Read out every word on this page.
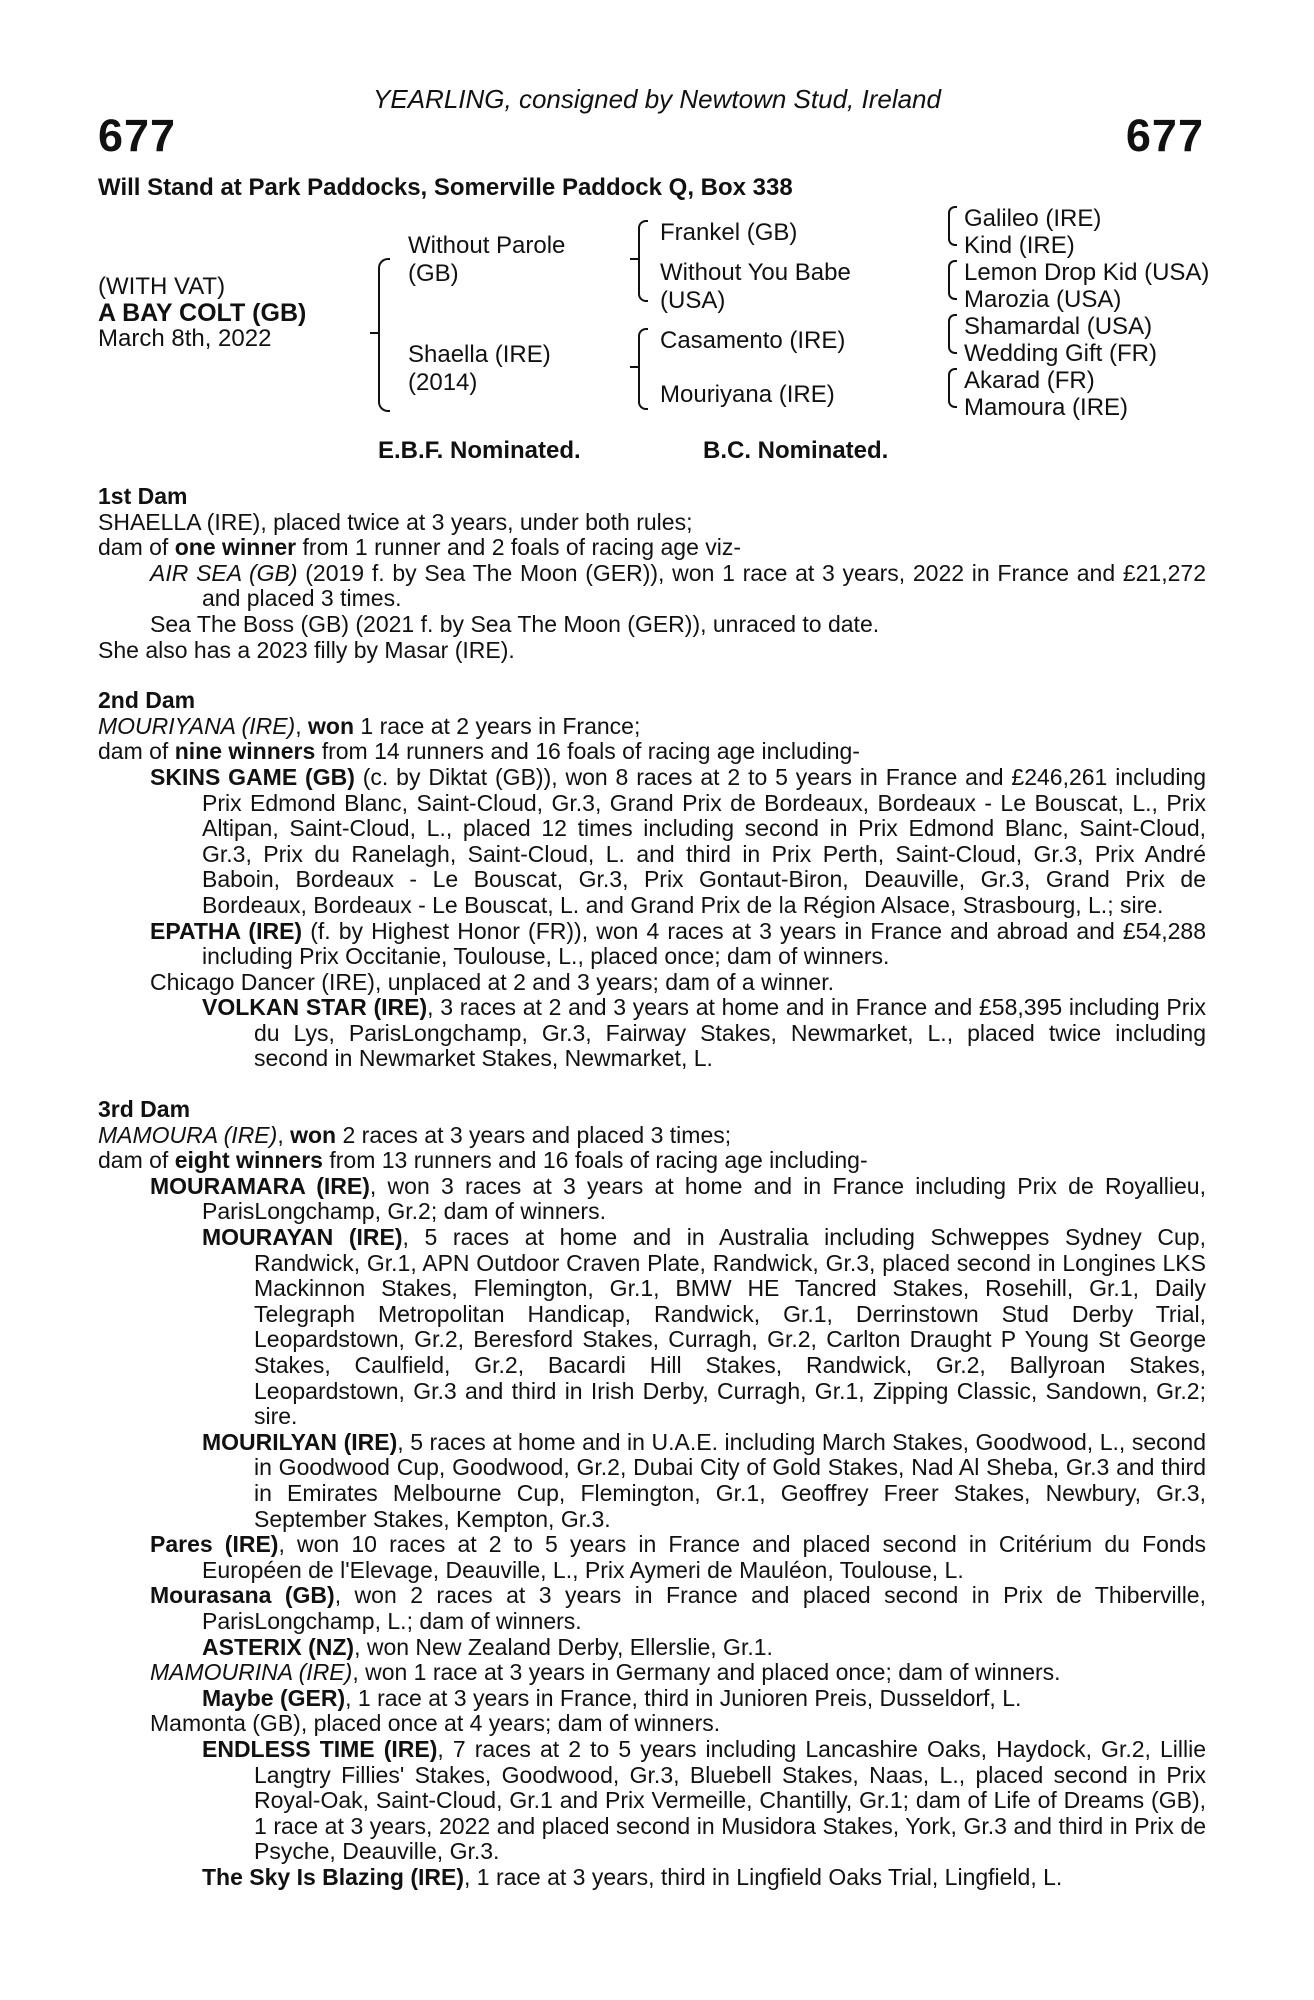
YEARLING, consigned by Newtown Stud, Ireland
677	677
Will Stand at Park Paddocks, Somerville Paddock Q, Box 338
(WITH VAT)
A BAY COLT (GB)
March 8th, 2022
Without Parole
(GB)
Shaella (IRE)
(2014)
Frankel (GB)
Without You Babe
(USA)
Casamento (IRE)
Mouriyana (IRE)
Galileo (IRE)
Kind (IRE)
Lemon Drop Kid (USA)
Marozia (USA)
Shamardal (USA)
Wedding Gift (FR)
Akarad (FR)
Mamoura (IRE)
E.B.F. Nominated.	B.C. Nominated.
1st Dam
SHAELLA (IRE), placed twice at 3 years, under both rules;
dam of one winner from 1 runner and 2 foals of racing age viz-
AIR SEA (GB) (2019 f. by Sea The Moon (GER)), won 1 race at 3 years, 2022 in France and £21,272 and placed 3 times.
Sea The Boss (GB) (2021 f. by Sea The Moon (GER)), unraced to date.
She also has a 2023 filly by Masar (IRE).
2nd Dam
MOURIYANA (IRE), won 1 race at 2 years in France;
dam of nine winners from 14 runners and 16 foals of racing age including-
SKINS GAME (GB) (c. by Diktat (GB)), won 8 races at 2 to 5 years in France and £246,261 including Prix Edmond Blanc, Saint-Cloud, Gr.3, Grand Prix de Bordeaux, Bordeaux - Le Bouscat, L., Prix Altipan, Saint-Cloud, L., placed 12 times including second in Prix Edmond Blanc, Saint-Cloud, Gr.3, Prix du Ranelagh, Saint-Cloud, L. and third in Prix Perth, Saint-Cloud, Gr.3, Prix André Baboin, Bordeaux - Le Bouscat, Gr.3, Prix Gontaut-Biron, Deauville, Gr.3, Grand Prix de Bordeaux, Bordeaux - Le Bouscat, L. and Grand Prix de la Région Alsace, Strasbourg, L.; sire.
EPATHA (IRE) (f. by Highest Honor (FR)), won 4 races at 3 years in France and abroad and £54,288 including Prix Occitanie, Toulouse, L., placed once; dam of winners.
Chicago Dancer (IRE), unplaced at 2 and 3 years; dam of a winner.
VOLKAN STAR (IRE), 3 races at 2 and 3 years at home and in France and £58,395 including Prix du Lys, ParisLongchamp, Gr.3, Fairway Stakes, Newmarket, L., placed twice including second in Newmarket Stakes, Newmarket, L.
3rd Dam
MAMOURA (IRE), won 2 races at 3 years and placed 3 times;
dam of eight winners from 13 runners and 16 foals of racing age including-
MOURAMARA (IRE), won 3 races at 3 years at home and in France including Prix de Royallieu, ParisLongchamp, Gr.2; dam of winners.
MOURAYAN (IRE), 5 races at home and in Australia including Schweppes Sydney Cup, Randwick, Gr.1, APN Outdoor Craven Plate, Randwick, Gr.3, placed second in Longines LKS Mackinnon Stakes, Flemington, Gr.1, BMW HE Tancred Stakes, Rosehill, Gr.1, Daily Telegraph Metropolitan Handicap, Randwick, Gr.1, Derrinstown Stud Derby Trial, Leopardstown, Gr.2, Beresford Stakes, Curragh, Gr.2, Carlton Draught P Young St George Stakes, Caulfield, Gr.2, Bacardi Hill Stakes, Randwick, Gr.2, Ballyroan Stakes, Leopardstown, Gr.3 and third in Irish Derby, Curragh, Gr.1, Zipping Classic, Sandown, Gr.2; sire.
MOURILYAN (IRE), 5 races at home and in U.A.E. including March Stakes, Goodwood, L., second in Goodwood Cup, Goodwood, Gr.2, Dubai City of Gold Stakes, Nad Al Sheba, Gr.3 and third in Emirates Melbourne Cup, Flemington, Gr.1, Geoffrey Freer Stakes, Newbury, Gr.3, September Stakes, Kempton, Gr.3.
Pares (IRE), won 10 races at 2 to 5 years in France and placed second in Critérium du Fonds Européen de l'Elevage, Deauville, L., Prix Aymeri de Mauléon, Toulouse, L.
Mourasana (GB), won 2 races at 3 years in France and placed second in Prix de Thiberville, ParisLongchamp, L.; dam of winners.
ASTERIX (NZ), won New Zealand Derby, Ellerslie, Gr.1.
MAMOURINA (IRE), won 1 race at 3 years in Germany and placed once; dam of winners.
Maybe (GER), 1 race at 3 years in France, third in Junioren Preis, Dusseldorf, L.
Mamonta (GB), placed once at 4 years; dam of winners.
ENDLESS TIME (IRE), 7 races at 2 to 5 years including Lancashire Oaks, Haydock, Gr.2, Lillie Langtry Fillies' Stakes, Goodwood, Gr.3, Bluebell Stakes, Naas, L., placed second in Prix Royal-Oak, Saint-Cloud, Gr.1 and Prix Vermeille, Chantilly, Gr.1; dam of Life of Dreams (GB), 1 race at 3 years, 2022 and placed second in Musidora Stakes, York, Gr.3 and third in Prix de Psyche, Deauville, Gr.3.
The Sky Is Blazing (IRE), 1 race at 3 years, third in Lingfield Oaks Trial, Lingfield, L.
